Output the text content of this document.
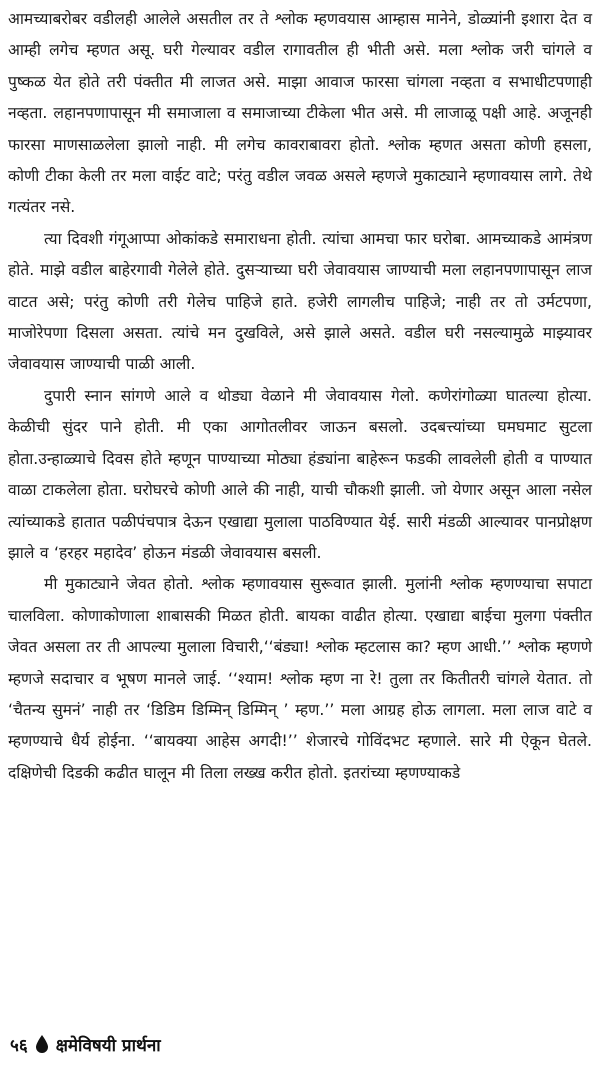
आमच्याबरोबर वडीलही आलेले असतील तर ते श्लोक म्हणवयास आम्हास मानेने, डोळ्यांनी इशारा देत व आम्ही लगेच म्हणत असू. घरी गेल्यावर वडील रागावतील ही भीती असे. मला श्लोक जरी चांगले व पुष्कळ येत होते तरी पंक्तीत मी लाजत असे. माझा आवाज फारसा चांगला नव्हता व सभाधीटपणाही नव्हता. लहानपणापासून मी समाजाला व समाजाच्या टीकेला भीत असे. मी लाजाळू पक्षी आहे. अजूनही फारसा माणसाळलेला झालो नाही. मी लगेच कावराबावरा होतो. श्लोक म्हणत असता कोणी हसला, कोणी टीका केली तर मला वाईट वाटे; परंतु वडील जवळ असले म्हणजे मुकाट्याने म्हणावयास लागे. तेथे गत्यंतर नसे.

त्या दिवशी गंगूआप्पा ओकांकडे समाराधना होती. त्यांचा आमचा फार घरोबा. आमच्याकडे आमंत्रण होते. माझे वडील बाहेरगावी गेलेले होते. दुसऱ्याच्या घरी जेवावयास जाण्याची मला लहानपणापासून लाज वाटत असे; परंतु कोणी तरी गेलेच पाहिजे हाते. हजेरी लागलीच पाहिजे; नाही तर तो उर्मटपणा, माजोरेपणा दिसला असता. त्यांचे मन दुखविले, असे झाले असते. वडील घरी नसल्यामुळे माझ्यावर जेवावयास जाण्याची पाळी आली.

दुपारी स्नान सांगणे आले व थोड्या वेळाने मी जेवावयास गेलो. कणेरांगोळ्या घातल्या होत्या. केळीची सुंदर पाने होती. मी एका आगोतलीवर जाऊन बसलो. उदबत्त्यांच्या घमघमाट सुटला होता.उन्हाळ्याचे दिवस होते म्हणून पाण्याच्या मोठ्या हंड्यांना बाहेरून फडकी लावलेली होती व पाण्यात वाळा टाकलेला होता. घरोघरचे कोणी आले की नाही, याची चौकशी झाली. जो येणार असून आला नसेल त्यांच्याकडे हातात पळीपंचपात्र देऊन एखाद्या मुलाला पाठविण्यात येई. सारी मंडळी आल्यावर पानप्रोक्षण झाले व ‘हरहर महादेव’ होऊन मंडळी जेवावयास बसली.

मी मुकाट्याने जेवत होतो. श्लोक म्हणावयास सुरूवात झाली. मुलांनी श्लोक म्हणण्याचा सपाटा चालविला. कोणाकोणाला शाबासकी मिळत होती. बायका वाढीत होत्या. एखाद्या बाईचा मुलगा पंक्तीत जेवत असला तर ती आपल्या मुलाला विचारी,‘‘बंड्या! श्लोक म्हटलास का? म्हण आधी.’’ श्लोक म्हणणे म्हणजे सदाचार व भूषण मानले जाई. ‘‘श्याम! श्लोक म्हण ना रे! तुला तर कितीतरी चांगले येतात. तो ‘चैतन्य सुमनं’ नाही तर ‘डिडिम डिम्मिन् डिम्मिन् ’ म्हण.’’ मला आग्रह होऊ लागला. मला लाज वाटे व म्हणण्याचे धैर्य होईना. ‘‘बायक्या आहेस अगदी!’’ शेजारचे गोविंदभट म्हणाले. सारे मी ऐकून घेतले. दक्षिणेची दिडकी कढीत घालून मी तिला लख्ख करीत होतो. इतरांच्या म्हणण्याकडे

५६ क्षमेविषयी प्रार्थना
